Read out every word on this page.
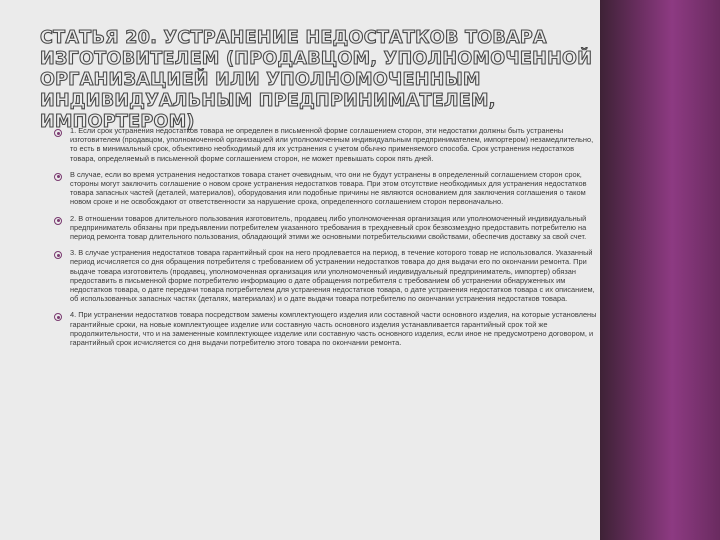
СТАТЬЯ 20. УСТРАНЕНИЕ НЕДОСТАТКОВ ТОВАРА ИЗГОТОВИТЕЛЕМ (ПРОДАВЦОМ, УПОЛНОМОЧЕННОЙ ОРГАНИЗАЦИЕЙ ИЛИ УПОЛНОМОЧЕННЫМ ИНДИВИДУАЛЬНЫМ ПРЕДПРИНИМАТЕЛЕМ, ИМПОРТЕРОМ)

1. Если срок устранения недостатков товара не определен в письменной форме соглашением сторон, эти недостатки должны быть устранены изготовителем (продавцом, уполномоченной организацией или уполномоченным индивидуальным предпринимателем, импортером) незамедлительно, то есть в минимальный срок, объективно необходимый для их устранения с учетом обычно применяемого способа. Срок устранения недостатков товара, определяемый в письменной форме соглашением сторон, не может превышать сорок пять дней.

В случае, если во время устранения недостатков товара станет очевидным, что они не будут устранены в определенный соглашением сторон срок, стороны могут заключить соглашение о новом сроке устранения недостатков товара. При этом отсутствие необходимых для устранения недостатков товара запасных частей (деталей, материалов), оборудования или подобные причины не являются основанием для заключения соглашения о таком новом сроке и не освобождают от ответственности за нарушение срока, определенного соглашением сторон первоначально.

2. В отношении товаров длительного пользования изготовитель, продавец либо уполномоченная организация или уполномоченный индивидуальный предприниматель обязаны при предъявлении потребителем указанного требования в трехдневный срок безвозмездно предоставить потребителю на период ремонта товар длительного пользования, обладающий этими же основными потребительскими свойствами, обеспечив доставку за свой счет.

3. В случае устранения недостатков товара гарантийный срок на него продлевается на период, в течение которого товар не использовался. Указанный период исчисляется со дня обращения потребителя с требованием об устранении недостатков товара до дня выдачи его по окончании ремонта. При выдаче товара изготовитель (продавец, уполномоченная организация или уполномоченный индивидуальный предприниматель, импортер) обязан предоставить в письменной форме потребителю информацию о дате обращения потребителя с требованием об устранении обнаруженных им недостатков товара, о дате передачи товара потребителем для устранения недостатков товара, о дате устранения недостатков товара с их описанием, об использованных запасных частях (деталях, материалах) и о дате выдачи товара потребителю по окончании устранения недостатков товара.

4. При устранении недостатков товара посредством замены комплектующего изделия или составной части основного изделия, на которые установлены гарантийные сроки, на новые комплектующее изделие или составную часть основного изделия устанавливается гарантийный срок той же продолжительности, что и на замененные комплектующее изделие или составную часть основного изделия, если иное не предусмотрено договором, и гарантийный срок исчисляется со дня выдачи потребителю этого товара по окончании ремонта.
